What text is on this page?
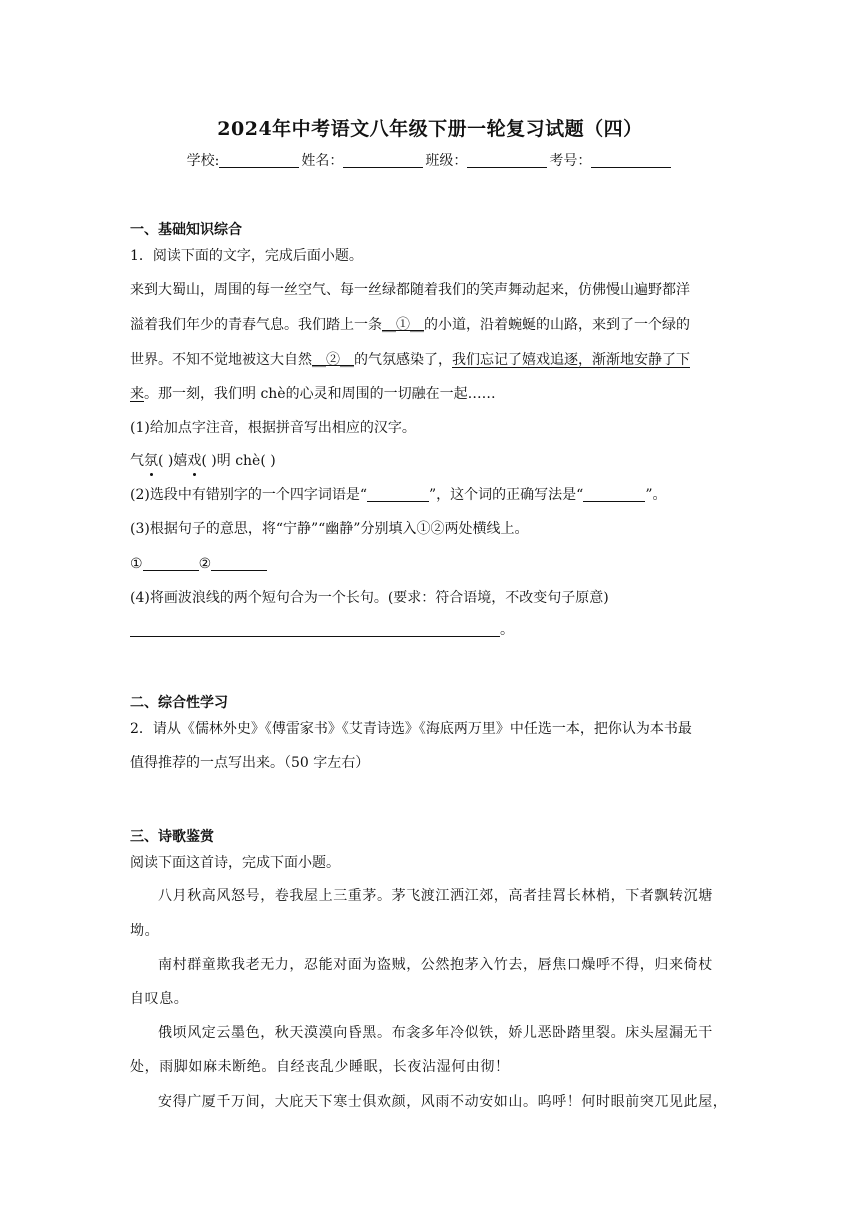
2024年中考语文八年级下册一轮复习试题（四）
学校:	姓名：	班级：	考号：
一、基础知识综合
1．阅读下面的文字，完成后面小题。
来到大蜀山，周围的每一丝空气、每一丝绿都随着我们的笑声舞动起来，仿佛慢山遍野都洋
溢着我们年少的青春气息。我们踏上一条__①__的小道，沿着蜿蜒的山路，来到了一个绿的
世界。不知不觉地被这大自然__②__的气氛感染了，我们忘记了嬉戏追逐，渐渐地安静了下
来。那一刻，我们明 chè的心灵和周围的一切融在一起……
(1)给加点字注音，根据拼音写出相应的汉字。
气氛
( )嬉戏
( )明 chè( )
(2)选段中有错别字的一个四字词语是“	”，这个词的正确写法是“	”。
(3)根据句子的意思，将“宁静”“幽静”分别填入①②两处横线上。
①	②
(4)将画波浪线的两个短句合为一个长句。(要求：符合语境，不改变句子原意)
。
二、综合性学习
2．请从《儒林外史》《傅雷家书》《艾青诗选》《海底两万里》中任选一本，把你认为本书最
值得推荐的一点写出来。（50 字左右）
三、诗歌鉴赏
阅读下面这首诗，完成下面小题。
八月秋高风怒号，卷我屋上三重茅。茅飞渡江洒江郊，高者挂罥长林梢，下者飘转沉塘
坳。
南村群童欺我老无力，忍能对面为盗贼，公然抱茅入竹去，唇焦口燥呼不得，归来倚杖
自叹息。
俄顷风定云墨色，秋天漠漠向昏黑。布衾多年冷似铁，娇儿恶卧踏里裂。床头屋漏无干
处，雨脚如麻未断绝。自经丧乱少睡眠，长夜沾湿何由彻！
安得广厦千万间，大庇天下寒士俱欢颜，风雨不动安如山。呜呼！何时眼前突兀见此屋，
